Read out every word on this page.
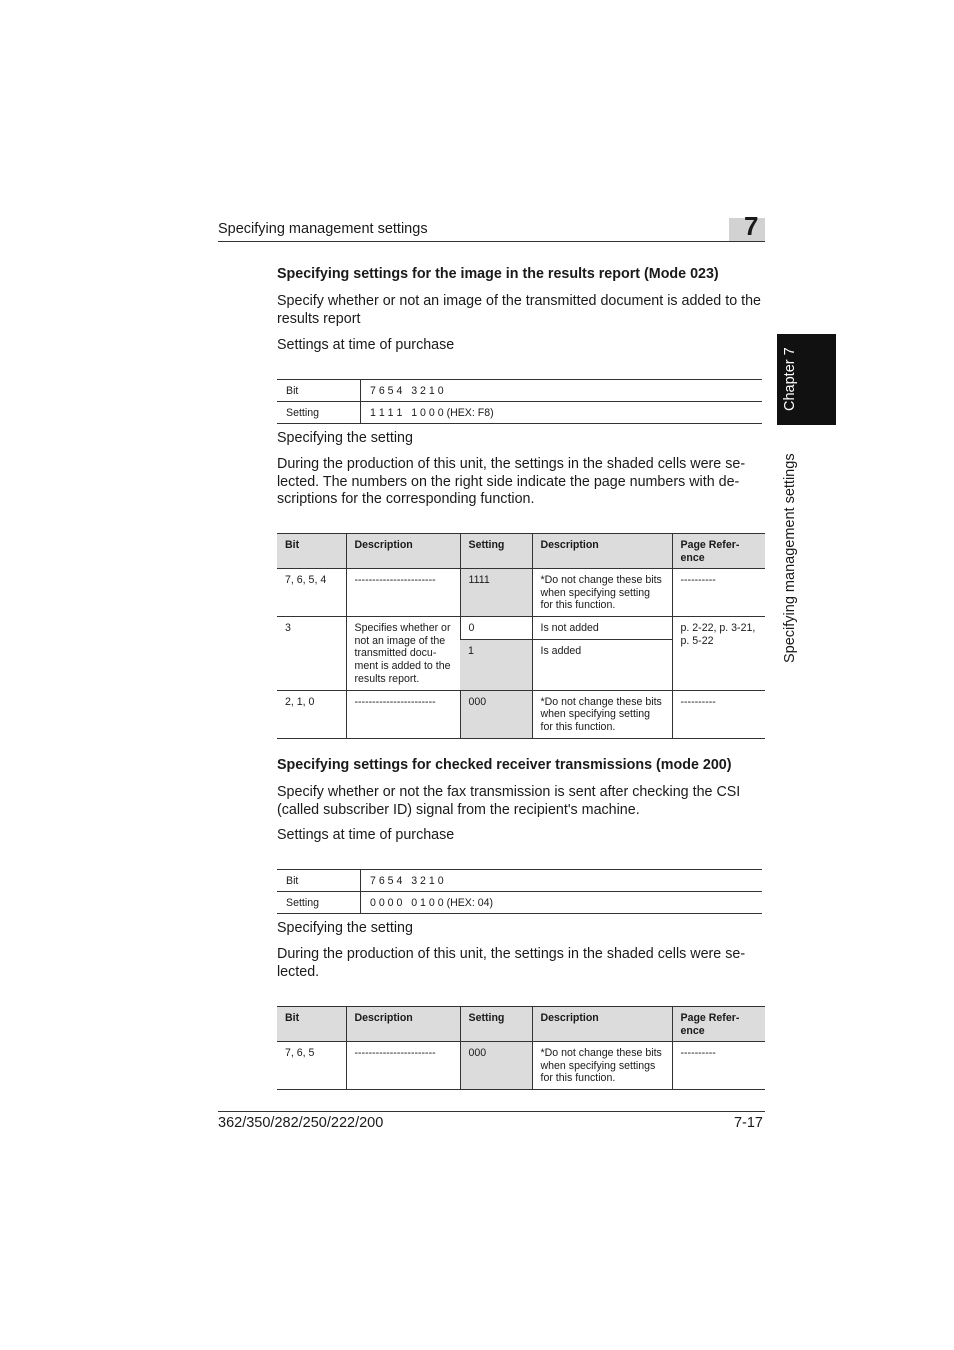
Specifying management settings	7
Chapter 7
Specifying management settings
Specifying settings for the image in the results report (Mode 023)
Specify whether or not an image of the transmitted document is added to the results report
Settings at time of purchase
Bit	7 6 5 4   3 2 1 0
Setting	1 1 1 1   1 0 0 0 (HEX: F8)
Specifying the setting
During the production of this unit, the settings in the shaded cells were se-lected. The numbers on the right side indicate the page numbers with de-scriptions for the corresponding function.
Bit	Description	Setting	Description	Page Refer-ence
7, 6, 5, 4	-----------------------	1111	*Do not change these bits when specifying setting for this function.	----------
3	Specifies whether or not an image of the transmitted docu-ment is added to the results report.	0	Is not added	p. 2-22, p. 3-21, p. 5-22
		1	Is added	
2, 1, 0	-----------------------	000	*Do not change these bits when specifying setting for this function.	----------
Specifying settings for checked receiver transmissions (mode 200)
Specify whether or not the fax transmission is sent after checking the CSI (called subscriber ID) signal from the recipient's machine.
Settings at time of purchase
Bit	7 6 5 4   3 2 1 0
Setting	0 0 0 0   0 1 0 0 (HEX: 04)
Specifying the setting
During the production of this unit, the settings in the shaded cells were se-lected.
Bit	Description	Setting	Description	Page Refer-ence
7, 6, 5	-----------------------	000	*Do not change these bits when specifying settings for this function.	----------
362/350/282/250/222/200	7-17
